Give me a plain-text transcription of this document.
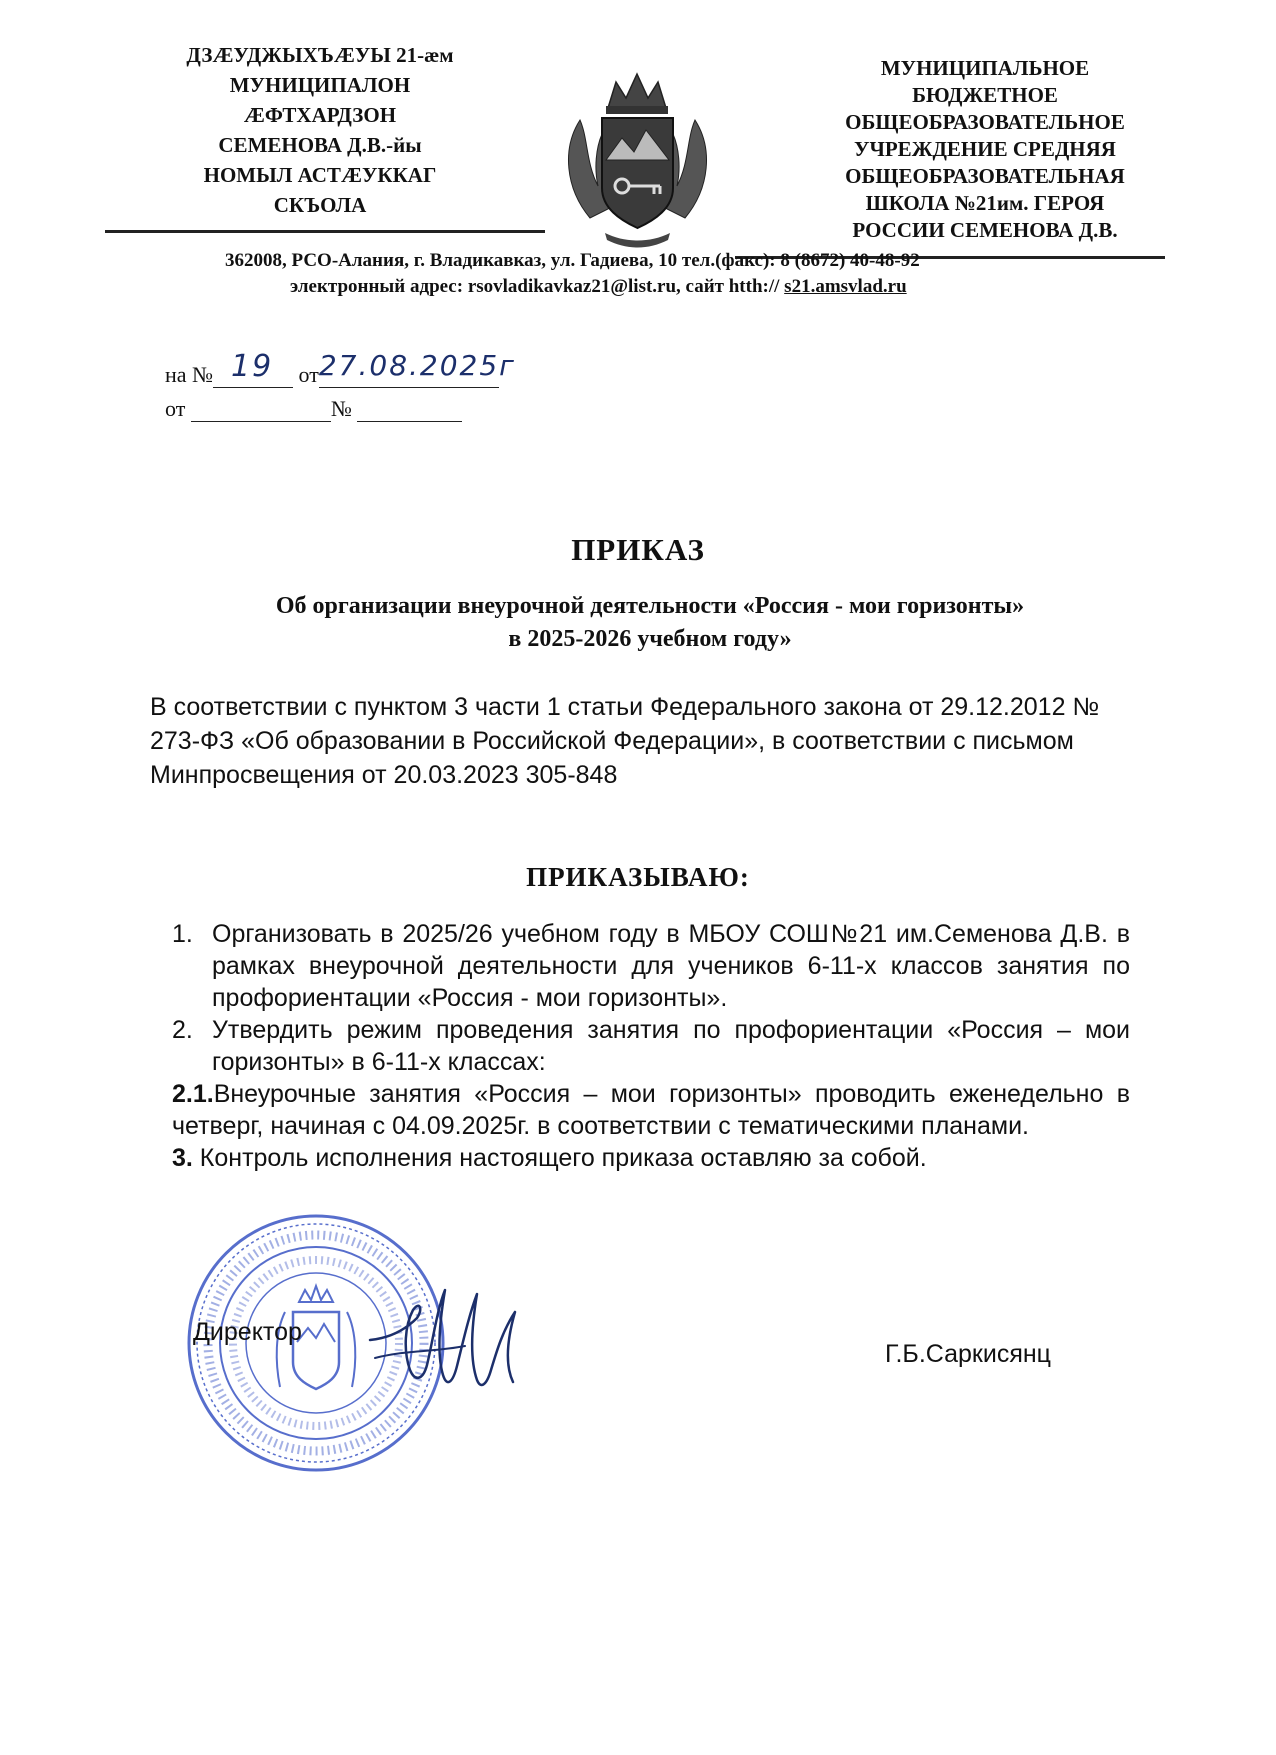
ДЗÆУДЖЫХЪÆУЫ 21-æм
МУНИЦИПАЛОН
ÆФТХАРДЗОН
СЕМЕНОВА Д.В.-йы
НОМЫЛ АСТÆУККАГ
СКЪОЛА
МУНИЦИПАЛЬНОЕ
БЮДЖЕТНОЕ
ОБЩЕОБРАЗОВАТЕЛЬНОЕ
УЧРЕЖДЕНИЕ СРЕДНЯЯ
ОБЩЕОБРАЗОВАТЕЛЬНАЯ
ШКОЛА №21им. ГЕРОЯ
РОССИИ СЕМЕНОВА Д.В.
362008, РСО-Алания, г. Владикавказ, ул. Гадиева, 10 тел.(факс): 8 (8672) 40-48-92
электронный адрес: rsovladikavkaz21@list.ru, сайт htth:// s21.amsvlad.ru
на № 19 от 27.08.2025г
от	№
ПРИКАЗ
Об организации внеурочной деятельности «Россия - мои горизонты»
в 2025-2026 учебном году»
В соответствии с пунктом 3 части 1 статьи Федерального закона от 29.12.2012 № 273-ФЗ «Об образовании в Российской Федерации», в соответствии с письмом Минпросвещения от 20.03.2023 305-848
ПРИКАЗЫВАЮ:
1. Организовать в 2025/26 учебном году в МБОУ СОШ№21 им.Семенова Д.В. в рамках внеурочной деятельности для учеников 6-11-х классов занятия по профориентации «Россия - мои горизонты».
2. Утвердить режим проведения занятия по профориентации «Россия – мои горизонты» в 6-11-х классах:
2.1.Внеурочные занятия «Россия – мои горизонты» проводить еженедельно в четверг, начиная с 04.09.2025г. в соответствии с тематическими планами.
3. Контроль исполнения настоящего приказа оставляю за собой.
Директор
Г.Б.Саркисянц
